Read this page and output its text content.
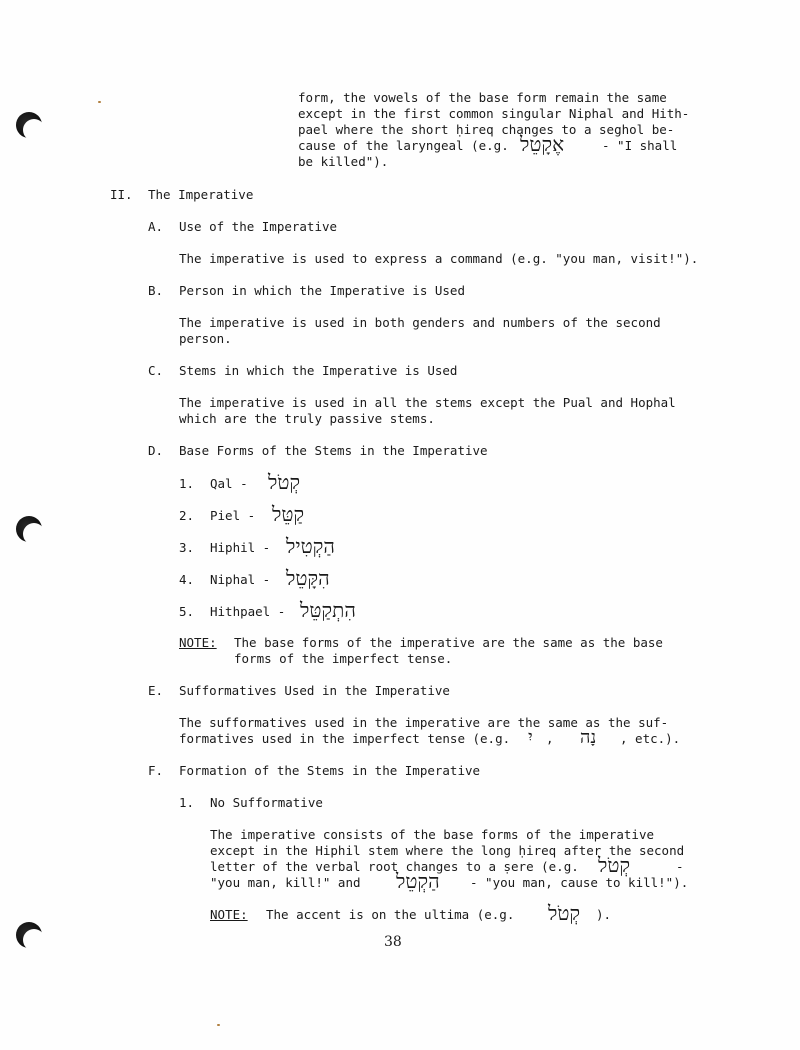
form, the vowels of the base form remain the same
except in the first common singular Niphal and Hith-
pael where the short ḥireq changes to a seghol be-
cause of the laryngeal (e.g. אֶקָטֵל	- "I shall
be killed").
II. The Imperative
A. Use of the Imperative
The imperative is used to express a command (e.g. "you man, visit!").
B. Person in which the Imperative is Used
The imperative is used in both genders and numbers of the second
person.
C. Stems in which the Imperative is Used
The imperative is used in all the stems except the Pual and Hophal
which are the truly passive stems.
D. Base Forms of the Stems in the Imperative
1. Qal - קְטֹל
2. Piel - קַטֵּל
3. Hiphil - הַקְטִיל
4. Niphal - הִקָּטֵל
5. Hithpael - הִתְקַטֵּל
NOTE: The base forms of the imperative are the same as the base
forms of the imperfect tense.
E. Sufformatives Used in the Imperative
The sufformatives used in the imperative are the same as the suf-
formatives used in the imperfect tense (e.g. יִ , נָה , etc.).
F. Formation of the Stems in the Imperative
1. No Sufformative
The imperative consists of the base forms of the imperative
except in the Hiphil stem where the long ḥireq after the second
letter of the verbal root changes to a ṣere (e.g. קְטֹל	-
"you man, kill!" and הַקְטֵל - "you man, cause to kill!").
NOTE: The accent is on the ultima (e.g. קְטֹל ).
38
